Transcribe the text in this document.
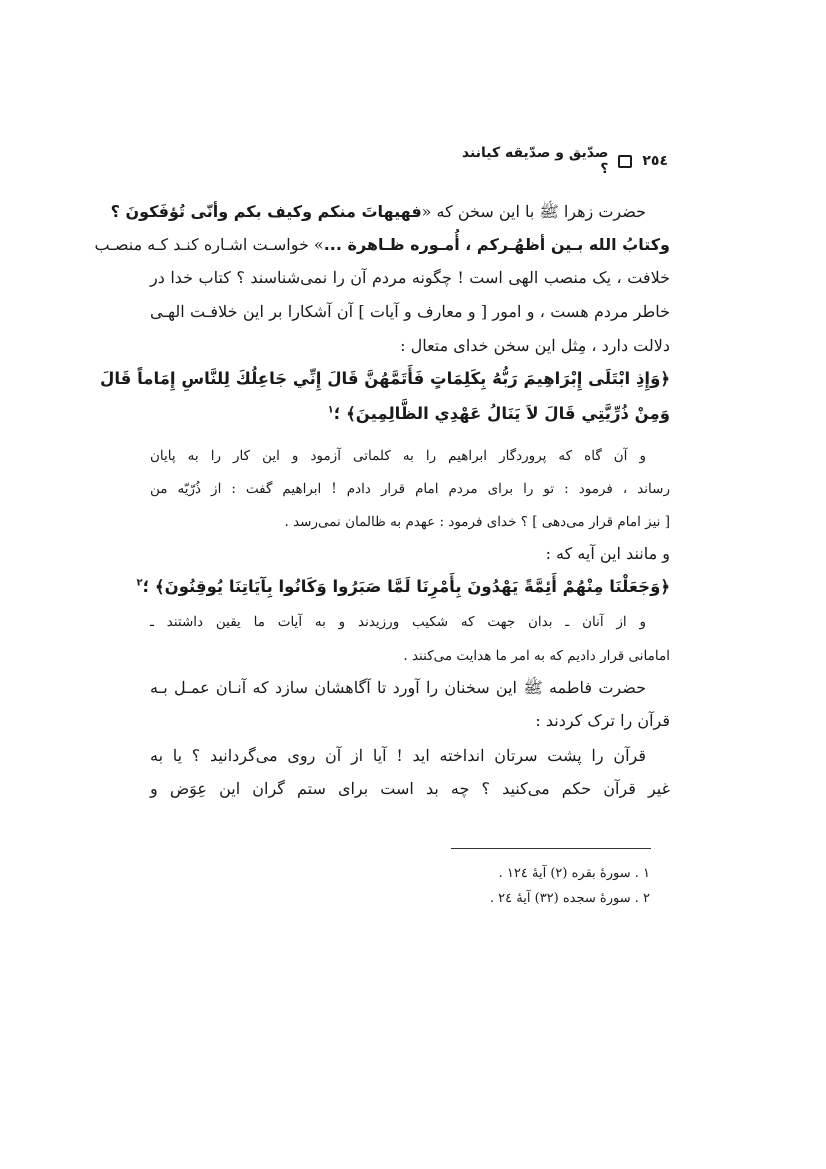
٢٥٤
صدّيق و صدّيقه كيانند ؟
حضرت زهرا ﷺ با این سخن که «فهيهاتَ منكم وكيف بكم وأنّى تُؤفَكونَ ؟
وكتابُ الله بـين أظهُـركم ، أُمـوره ظـاهرة ...» خواسـت اشـاره کنـد کـه منصـب
خلافت ، یک منصب الهی است ! چگونه مردم آن را نمی‌شناسند ؟ کتاب خدا در
خاطر مردم هست ، و امور [ و معارف و آیات ] آن آشکارا بر این خلافـت الهـی
دلالت دارد ، مِثل این سخن خدای متعال :
﴿وَإِذِ ابْتَلَى إِبْرَاهِيمَ رَبُّهُ بِكَلِمَاتٍ فَأَتَمَّهُنَّ قَالَ إِنِّي جَاعِلُكَ لِلنَّاسِ إِمَاماً قَالَ
وَمِنْ ذُرِّيَّتِي قَالَ لاَ يَنَالُ عَهْدِي الظَّالِمِينَ﴾ ؛$^١$
و آن گاه که پروردگار ابراهیم را به کلماتی آزمود و این کار را به پایان
رساند ، فرمود : تو را برای مردم امام قرار دادم ! ابراهیم گفت : از ذُرّیّه من
[ نیز امام قرار می‌دهی ] ؟ خدای فرمود : عهدم به ظالمان نمی‌رسد .
و مانند این آیه که :
﴿وَجَعَلْنَا مِنْهُمْ أَئِمَّةً يَهْدُونَ بِأَمْرِنَا لَمَّا صَبَرُوا وَكَانُوا بِآيَاتِنَا يُوقِنُونَ﴾ ؛$^٢$
و از آنان ـ بدان جهت که شکیب ورزیدند و به آیات ما یقین داشتند ـ
امامانی قرار دادیم که به امر ما هدایت می‌کنند .
حضرت فاطمه ﷺ این سخنان را آورد تا آگاهشان سازد که آنـان عمـل بـه
قرآن را ترک کردند :
قرآن را پشت سرتان انداخته اید ! آیا از آن روی می‌گردانید ؟ یا به
غیر قرآن حکم می‌کنید ؟ چه بد است برای ستم گران این عِوَض و
١ . سورهٔ بقره (٢) آیهٔ ١٢٤ .
٢ . سورهٔ سجده (٣٢) آیهٔ ٢٤ .
